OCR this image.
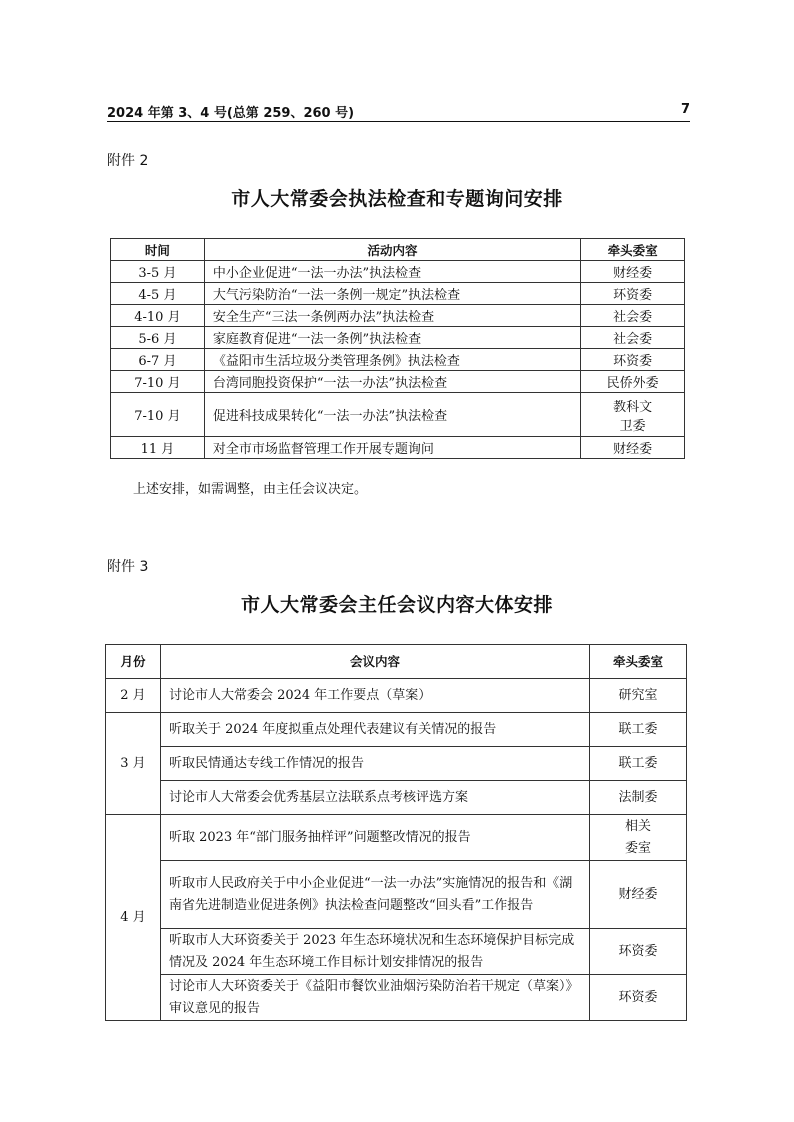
2024 年第 3、4 号(总第 259、260 号)	7
附件 2
市人大常委会执法检查和专题询问安排
时间	活动内容	牵头委室
3-5 月	中小企业促进“一法一办法”执法检查	财经委
4-5 月	大气污染防治“一法一条例一规定”执法检查	环资委
4-10 月	安全生产“三法一条例两办法”执法检查	社会委
5-6 月	家庭教育促进“一法一条例”执法检查	社会委
6-7 月	《益阳市生活垃圾分类管理条例》执法检查	环资委
7-10 月	台湾同胞投资保护“一法一办法”执法检查	民侨外委
7-10 月	促进科技成果转化“一法一办法”执法检查	教科文
卫委
11 月	对全市市场监督管理工作开展专题询问	财经委
上述安排，如需调整，由主任会议决定。
附件 3
市人大常委会主任会议内容大体安排
月份	会议内容	牵头委室
2 月	讨论市人大常委会 2024 年工作要点（草案）	研究室
3 月	听取关于 2024 年度拟重点处理代表建议有关情况的报告	联工委
	听取民情通达专线工作情况的报告	联工委
	讨论市人大常委会优秀基层立法联系点考核评选方案	法制委
4 月	听取 2023 年“部门服务抽样评”问题整改情况的报告	相关
委室
	听取市人民政府关于中小企业促进“一法一办法”实施情况的报告和《湖南省先进制造业促进条例》执法检查问题整改“回头看”工作报告	财经委
	听取市人大环资委关于 2023 年生态环境状况和生态环境保护目标完成情况及 2024 年生态环境工作目标计划安排情况的报告	环资委
	讨论市人大环资委关于《益阳市餐饮业油烟污染防治若干规定（草案）》审议意见的报告	环资委
